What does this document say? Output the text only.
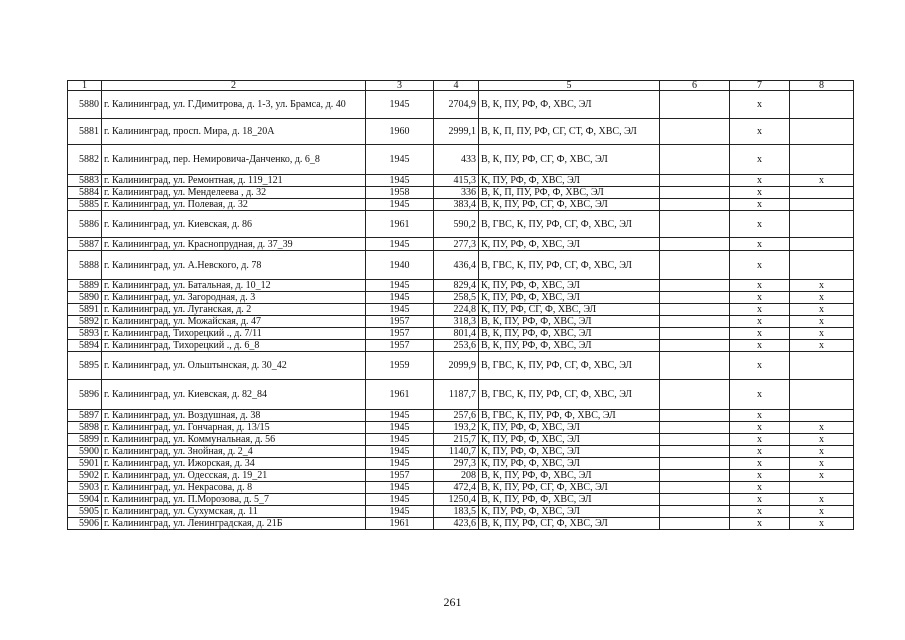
1	2	3	4	5	6	7	8
5880	г. Калининград, ул. Г.Димитрова, д. 1-3, ул. Брамса, д. 40	1945	2704,9	В, К, ПУ, РФ, Ф, ХВС, ЭЛ		х	
5881	г. Калининград, просп. Мира, д. 18_20А	1960	2999,1	В, К, П, ПУ, РФ, СГ, СТ, Ф, ХВС, ЭЛ		х	
5882	г. Калининград, пер. Немировича-Данченко, д. 6_8	1945	433	В, К, ПУ, РФ, СГ, Ф, ХВС, ЭЛ		х	
5883	г. Калининград, ул. Ремонтная, д. 119_121	1945	415,3	К, ПУ, РФ, Ф, ХВС, ЭЛ		х	х
5884	г. Калининград, ул. Менделеева , д. 32	1958	336	В, К, П, ПУ, РФ, Ф, ХВС, ЭЛ		х	
5885	г. Калининград, ул. Полевая, д. 32	1945	383,4	В, К, ПУ, РФ, СГ, Ф, ХВС, ЭЛ		х	
5886	г. Калининград, ул. Киевская, д. 86	1961	590,2	В, ГВС, К, ПУ, РФ, СГ, Ф, ХВС, ЭЛ		х	
5887	г. Калининград, ул. Краснопрудная, д. 37_39	1945	277,3	К, ПУ, РФ, Ф, ХВС, ЭЛ		х	
5888	г. Калининград, ул. А.Невского, д. 78	1940	436,4	В, ГВС, К, ПУ, РФ, СГ, Ф, ХВС, ЭЛ		х	
5889	г. Калининград, ул. Батальная, д. 10_12	1945	829,4	К, ПУ, РФ, Ф, ХВС, ЭЛ		х	х
5890	г. Калининград, ул. Загородная, д. 3	1945	258,5	К, ПУ, РФ, Ф, ХВС, ЭЛ		х	х
5891	г. Калининград, ул. Луганская, д. 2	1945	224,8	К, ПУ, РФ, СГ, Ф, ХВС, ЭЛ		х	х
5892	г. Калининград, ул. Можайская, д. 47	1957	318,3	В, К, ПУ, РФ, Ф, ХВС, ЭЛ		х	х
5893	г. Калининград, Тихорецкий ., д. 7/11	1957	801,4	В, К, ПУ, РФ, Ф, ХВС, ЭЛ		х	х
5894	г. Калининград, Тихорецкий ., д. 6_8	1957	253,6	В, К, ПУ, РФ, Ф, ХВС, ЭЛ		х	х
5895	г. Калининград, ул. Ольштынская, д. 30_42	1959	2099,9	В, ГВС, К, ПУ, РФ, СГ, Ф, ХВС, ЭЛ		х	
5896	г. Калининград, ул. Киевская, д. 82_84	1961	1187,7	В, ГВС, К, ПУ, РФ, СГ, Ф, ХВС, ЭЛ		х	
5897	г. Калининград, ул. Воздушная, д. 38	1945	257,6	В, ГВС, К, ПУ, РФ, Ф, ХВС, ЭЛ		х	
5898	г. Калининград, ул. Гончарная, д. 13/15	1945	193,2	К, ПУ, РФ, Ф, ХВС, ЭЛ		х	х
5899	г. Калининград, ул. Коммунальная, д. 56	1945	215,7	К, ПУ, РФ, Ф, ХВС, ЭЛ		х	х
5900	г. Калининград, ул. Знойная, д. 2_4	1945	1140,7	К, ПУ, РФ, Ф, ХВС, ЭЛ		х	х
5901	г. Калининград, ул. Ижорская, д. 34	1945	297,3	К, ПУ, РФ, Ф, ХВС, ЭЛ		х	х
5902	г. Калининград, ул. Одесская, д. 19_21	1957	208	В, К, ПУ, РФ, Ф, ХВС, ЭЛ		х	х
5903	г. Калининград, ул. Некрасова, д. 8	1945	472,4	В, К, ПУ, РФ, СГ, Ф, ХВС, ЭЛ		х	
5904	г. Калининград, ул. П.Морозова, д. 5_7	1945	1250,4	В, К, ПУ, РФ, Ф, ХВС, ЭЛ		х	х
5905	г. Калининград, ул. Сухумская, д. 11	1945	183,5	К, ПУ, РФ, Ф, ХВС, ЭЛ		х	х
5906	г. Калининград, ул. Ленинградская, д. 21Б	1961	423,6	В, К, ПУ, РФ, СГ, Ф, ХВС, ЭЛ		х	х
261
